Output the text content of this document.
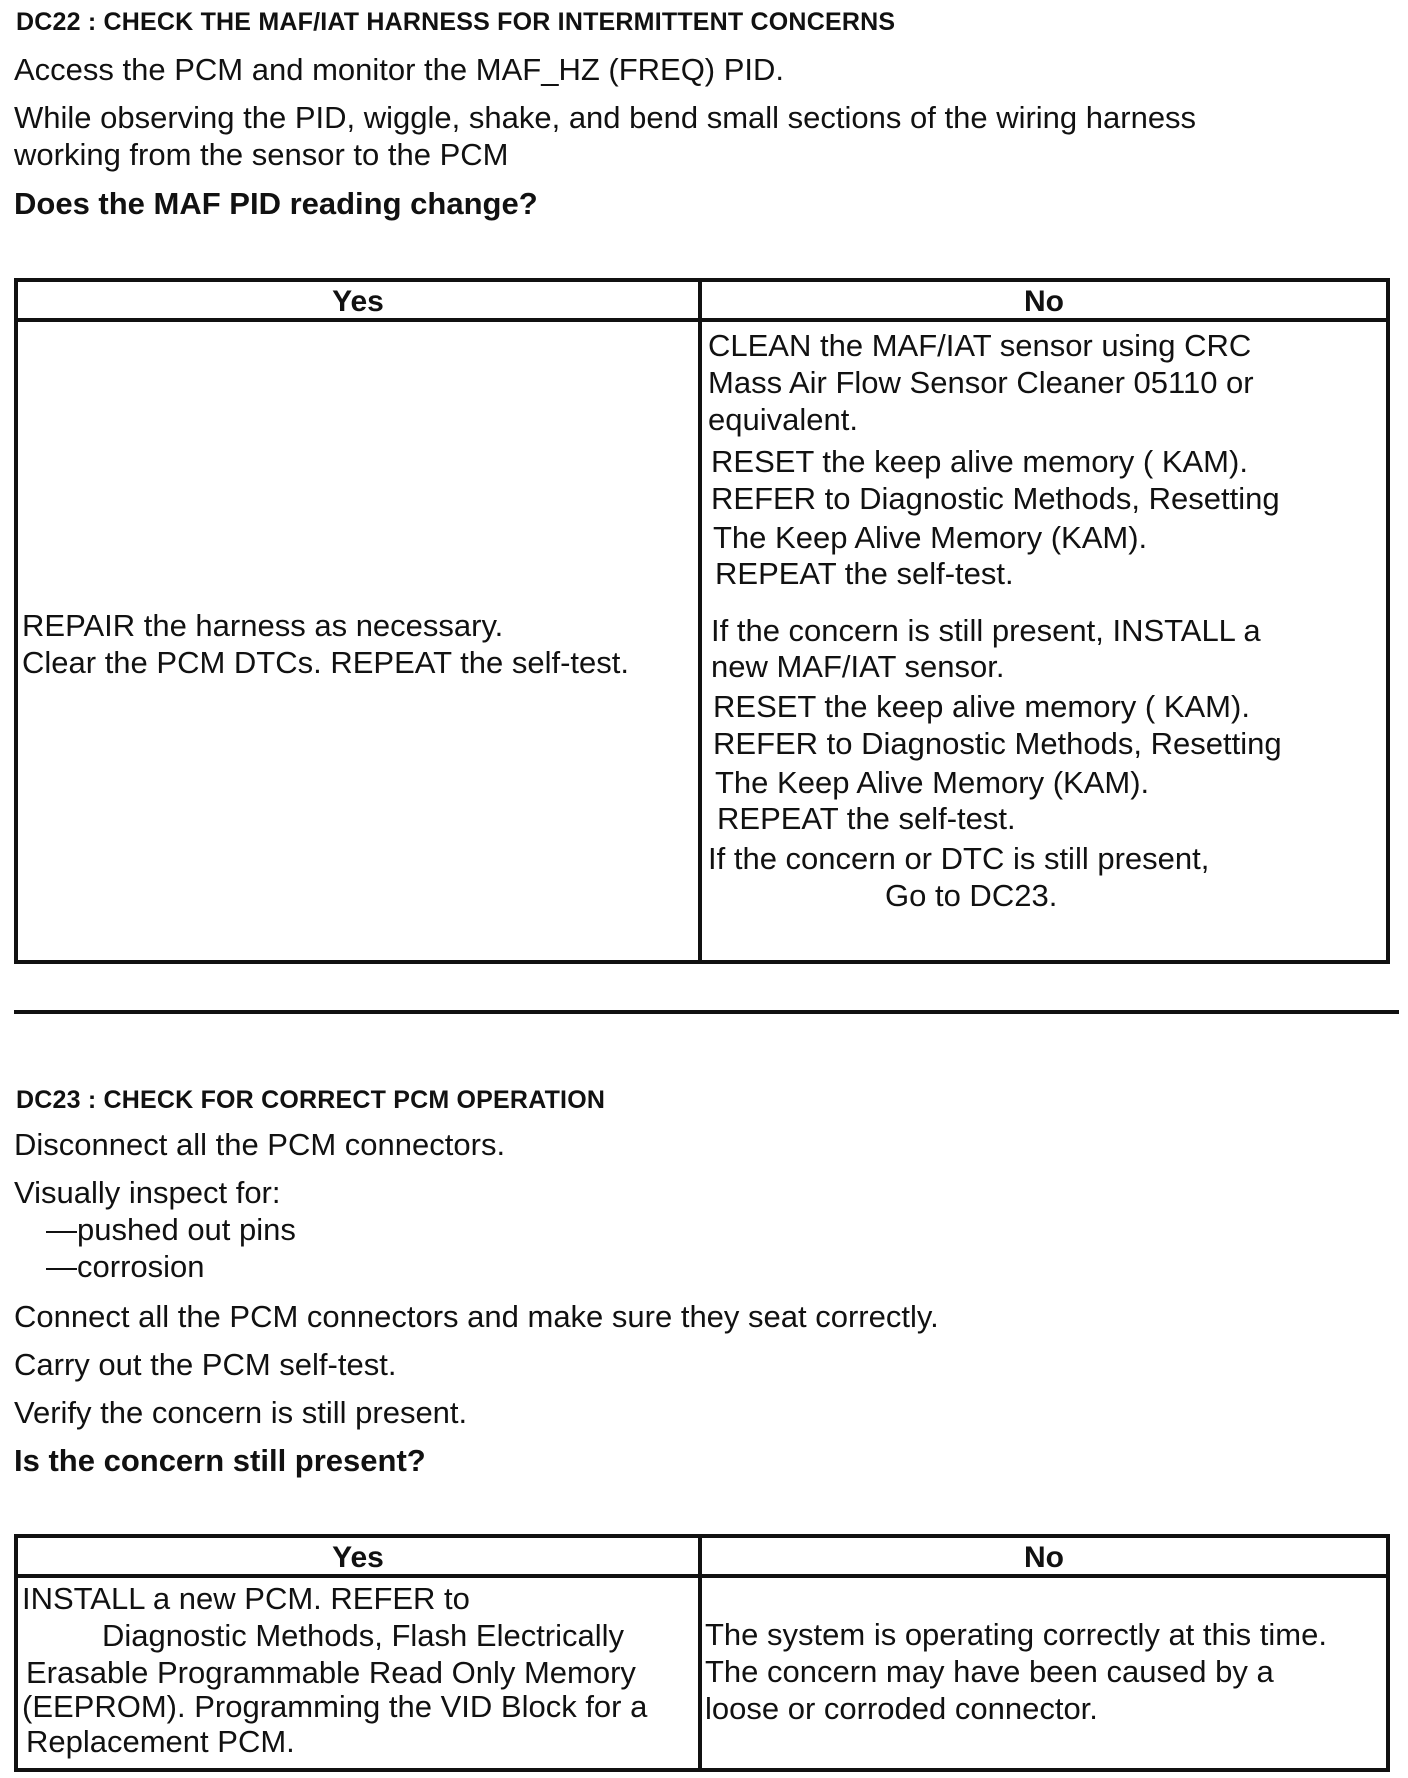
DC22 : CHECK THE MAF/IAT HARNESS FOR INTERMITTENT CONCERNS
Access the PCM and monitor the MAF_HZ (FREQ) PID.
While observing the PID, wiggle, shake, and bend small sections of the wiring harness
working from the sensor to the PCM
Does the MAF PID reading change?
Yes	No
REPAIR the harness as necessary.
Clear the PCM DTCs. REPEAT the self-test.
CLEAN the MAF/IAT sensor using CRC
Mass Air Flow Sensor Cleaner 05110 or
equivalent.
RESET the keep alive memory ( KAM).
REFER to Diagnostic Methods, Resetting
The Keep Alive Memory (KAM).
REPEAT the self-test.
If the concern is still present, INSTALL a
new MAF/IAT sensor.
RESET the keep alive memory ( KAM).
REFER to Diagnostic Methods, Resetting
The Keep Alive Memory (KAM).
REPEAT the self-test.
If the concern or DTC is still present,
Go to DC23.
DC23 : CHECK FOR CORRECT PCM OPERATION
Disconnect all the PCM connectors.
Visually inspect for:
—pushed out pins
—corrosion
Connect all the PCM connectors and make sure they seat correctly.
Carry out the PCM self-test.
Verify the concern is still present.
Is the concern still present?
Yes	No
INSTALL a new PCM. REFER to
Diagnostic Methods, Flash Electrically
Erasable Programmable Read Only Memory
(EEPROM). Programming the VID Block for a
Replacement PCM.
The system is operating correctly at this time.
The concern may have been caused by a
loose or corroded connector.
